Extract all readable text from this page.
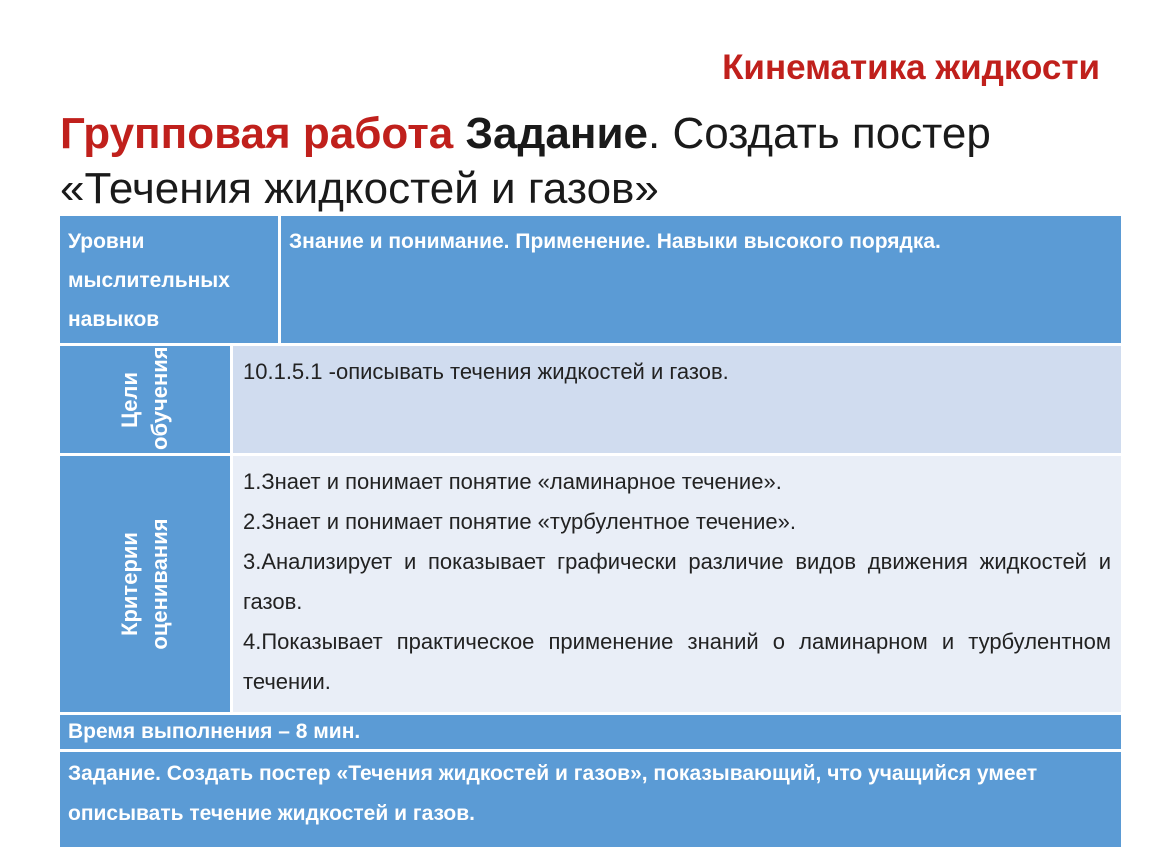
Кинематика жидкости
Групповая работа Задание. Создать постер
«Течения жидкостей и газов»
Уровни мыслительных навыков
Знание и понимание. Применение. Навыки высокого порядка.
Цели обучения	10.1.5.1 -описывать течения жидкостей и газов.
Критерии оценивания

1.Знает и понимает понятие «ламинарное течение».

2.Знает и понимает понятие «турбулентное течение».

3.Анализирует и показывает графически различие видов движения жидкостей и газов.

4.Показывает практическое применение знаний о ламинарном и турбулентном течении.

Время выполнения – 8 мин.
Задание. Создать постер «Течения жидкостей и газов», показывающий, что учащийся умеет описывать течение жидкостей и газов.
